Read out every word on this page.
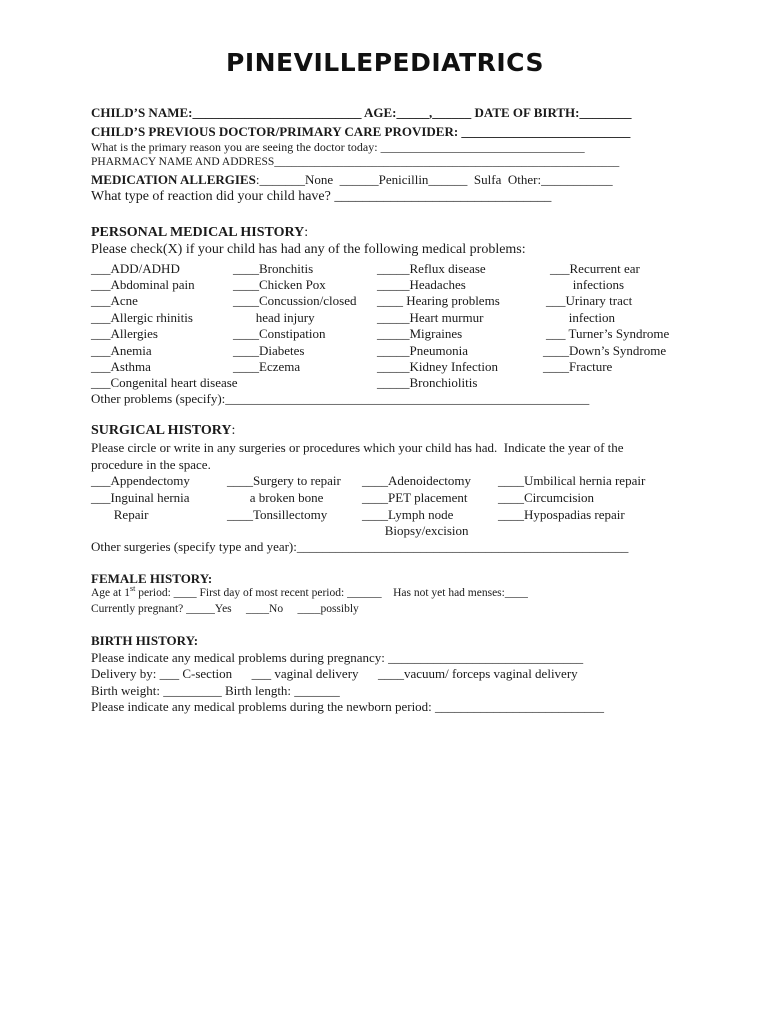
PINEVILLEPEDIATRICS
CHILD’S NAME:__________________________ AGE:_____,______ DATE OF BIRTH:________
CHILD’S PREVIOUS DOCTOR/PRIMARY CARE PROVIDER: __________________________
What is the primary reason you are seeing the doctor today: __________________________________
PHARMACY NAME AND ADDRESS____________________________________________________________
MEDICATION ALLERGIES:_______None  ______Penicillin______  Sulfa  Other:___________
What type of reaction did your child have? _______________________________
PERSONAL MEDICAL HISTORY:
Please check(X) if your child has had any of the following medical problems:
___ADD/ADHD
___Abdominal pain
___Acne
___Allergic rhinitis
___Allergies
___Anemia
___Asthma
___Congenital heart disease
____Bronchitis
____Chicken Pox
____Concussion/closed
head injury
____Constipation
____Diabetes
____Eczema
_____Reflux disease
_____Headaches
____ Hearing problems
_____Heart murmur
_____Migraines
_____Pneumonia
_____Kidney Infection
_____Bronchiolitis
___Recurrent ear
infections
___Urinary tract
infection
___ Turner’s Syndrome
____Down’s Syndrome
____Fracture
Other problems (specify):________________________________________________________
SURGICAL HISTORY:
Please circle or write in any surgeries or procedures which your child has had.  Indicate the year of the
procedure in the space.
___Appendectomy
___Inguinal hernia
Repair
____Surgery to repair
a broken bone
____Tonsillectomy
____Adenoidectomy
____PET placement
____Lymph node
Biopsy/excision
____Umbilical hernia repair
____Circumcision
____Hypospadias repair
Other surgeries (specify type and year):___________________________________________________
FEMALE HISTORY:
Age at 1st period: ____ First day of most recent period: ______    Has not yet had menses:____
Currently pregnant? _____Yes     ____No     ____possibly
BIRTH HISTORY:
Please indicate any medical problems during pregnancy: ______________________________
Delivery by: ___ C-section      ___ vaginal delivery      ____vacuum/ forceps vaginal delivery
Birth weight: _________ Birth length: _______
Please indicate any medical problems during the newborn period: __________________________
